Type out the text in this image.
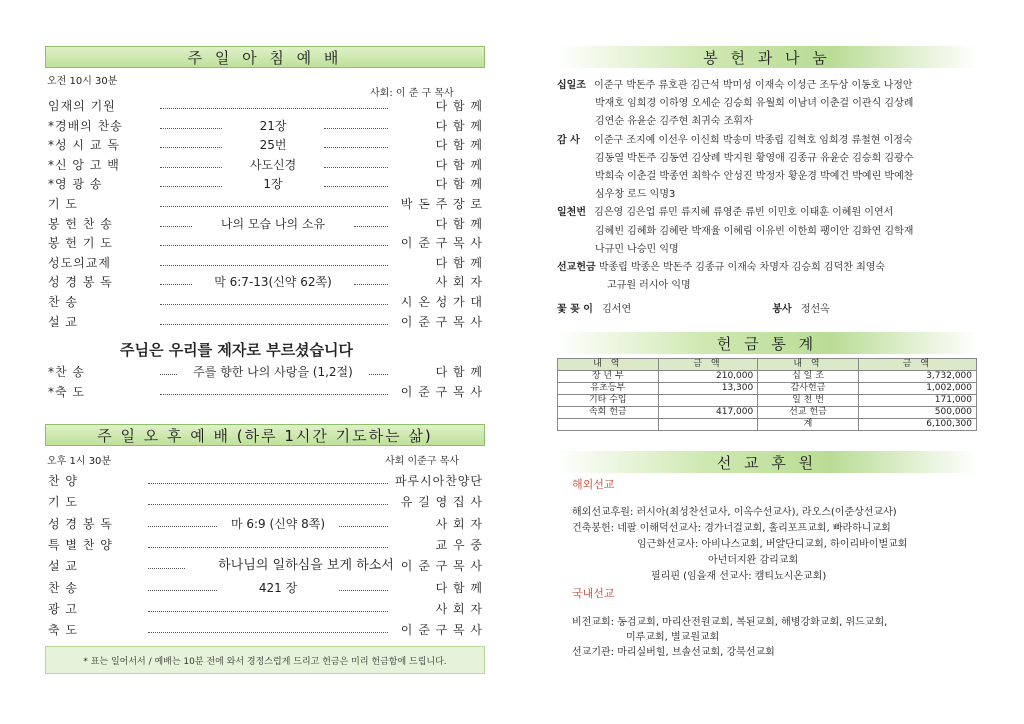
주 일 아 침 예 배
오전 10시 30분
사회: 이 준 구 목사
임재의 기원	다 함 께
*경배의 찬송	21장	다 함 께
*성 시 교 독	25번	다 함 께
*신 앙 고 백	사도신경	다 함 께
*영 광 송	1장	다 함 께
기 도	박 돈 주 장 로
봉 헌 찬 송	나의 모습 나의 소유	다 함 께
봉 헌 기 도	이 준 구 목 사
성도의교제	다 함 께
성 경 봉 독	막 6:7-13(신약 62쪽)	사 회 자
찬 송	시 온 성 가 대
설 교	이 준 구 목 사
주님은 우리를 제자로 부르셨습니다
*찬 송	주를 향한 나의 사랑을 (1,2절)	다 함 께
*축 도	이 준 구 목 사
주 일 오 후 예 배 (하루 1시간 기도하는 삶)
오후 1시 30분	사회 이준구 목사
찬 양	파루시아찬양단
기 도	유 길 영 집 사
성 경 봉 독	마 6:9 (신약 8쪽)	사 회 자
특 별 찬 양	교 우 중
설 교	하나님의 일하심을 보게 하소서 이 준 구 목 사
찬 송	421 장	다 함 께
광 고	사 회 자
축 도	이 준 구 목 사
* 표는 일어서서 / 예배는 10분 전에 와서 경정스럽게 드리고 헌금은 미리 헌금함에 드립니다.
봉 헌 과 나 눔
십일조 이준구 박돈주 류호관 김근석 박미성 이재숙 이성근 조두상 이동호 나정안
박재호 임희경 이하영 오세순 김승희 유월희 이남녀 이춘걸 이관식 김상례
김연순 유윤순 김주현 최귀숙 조휘자
감 사 이준구 조지예 이선우 이신희 박송미 박종립 김혁호 임희경 류철현 이정숙
김동열 박돈주 김동연 김상례 박지원 황영애 김종규 유윤순 김승희 김광수
박희숙 이춘걸 박종연 최학수 안성진 박정자 황운경 박예건 박예린 박예찬
심우창 로드 익명3
일천번 김은영 김은업 류민 류지혜 류영준 류빈 이민호 이태훈 이혜원 이연서
김혜빈 김혜화 김혜란 박재율 이혜림 이유빈 이한희 팽이안 김화연 김학재
나규민 나승민 익명
선교헌금 박종립 박종은 박돈주 김종규 이재숙 차명자 김승희 김덕찬 최영숙
고규원 러시아 익명
꽃 꽂 이 김서연	봉사 정선옥
헌 금 통 계
내 역	금 액	내 역	금 액
장 년 부	210,000	십 일 조	3,732,000
유초등부	13,300	감사헌금	1,002,000
기타 수입		일 천 번	171,000
속회 헌금	417,000	선교 헌금	500,000
		계	6,100,300
선 교 후 원
해외선교
해외선교후원: 러시아(최성찬선교사, 이옥수선교사), 라오스(이준상선교사)
건축봉헌: 네팔 이해덕선교사: 경가너걸교회, 홀리포프교회, 빠라하니교회
임근화선교사: 아비나스교회, 버얄단디교회, 하이리바이벌교회
아넌더지완 감리교회
필리핀 (임을재 선교사: 캠티뇨시온교회)
국내선교
비전교회: 동검교회, 마리산전원교회, 복된교회, 해병강화교회, 위드교회,
미루교회, 별교원교회
선교기관: 마리실버힐, 브솔선교회, 강북선교회
